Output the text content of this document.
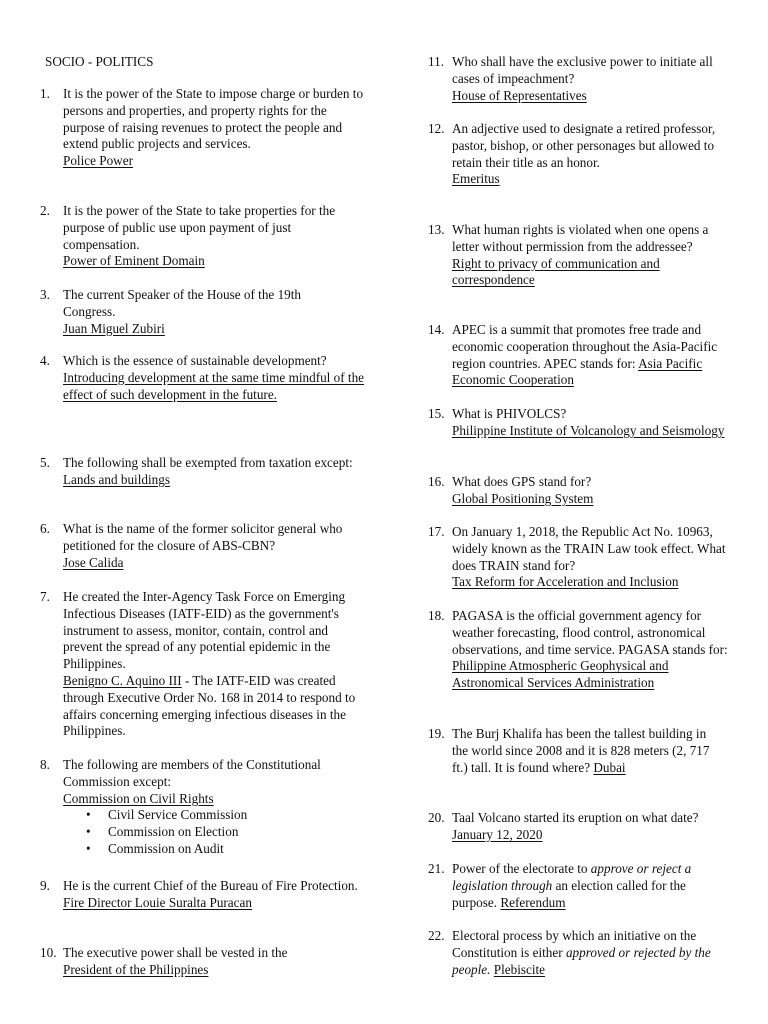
SOCIO - POLITICS
1. It is the power of the State to impose charge or burden to persons and properties, and property rights for the purpose of raising revenues to protect the people and extend public projects and services.
Police Power
2. It is the power of the State to take properties for the purpose of public use upon payment of just compensation.
Power of Eminent Domain
3. The current Speaker of the House of the 19th Congress.
Juan Miguel Zubiri
4. Which is the essence of sustainable development?
Introducing development at the same time mindful of the effect of such development in the future.
5. The following shall be exempted from taxation except:
Lands and buildings
6. What is the name of the former solicitor general who petitioned for the closure of ABS-CBN?
Jose Calida
7. He created the Inter-Agency Task Force on Emerging Infectious Diseases (IATF-EID) as the government's instrument to assess, monitor, contain, control and prevent the spread of any potential epidemic in the Philippines.
Benigno C. Aquino III - The IATF-EID was created through Executive Order No. 168 in 2014 to respond to affairs concerning emerging infectious diseases in the Philippines.
8. The following are members of the Constitutional Commission except:
Commission on Civil Rights
• Civil Service Commission
• Commission on Election
• Commission on Audit
9. He is the current Chief of the Bureau of Fire Protection.
Fire Director Louie Suralta Puracan
10. The executive power shall be vested in the
President of the Philippines
11. Who shall have the exclusive power to initiate all cases of impeachment?
House of Representatives
12. An adjective used to designate a retired professor, pastor, bishop, or other personages but allowed to retain their title as an honor.
Emeritus
13. What human rights is violated when one opens a letter without permission from the addressee?
Right to privacy of communication and correspondence
14. APEC is a summit that promotes free trade and economic cooperation throughout the Asia-Pacific region countries. APEC stands for: Asia Pacific Economic Cooperation
15. What is PHIVOLCS?
Philippine Institute of Volcanology and Seismology
16. What does GPS stand for?
Global Positioning System
17. On January 1, 2018, the Republic Act No. 10963, widely known as the TRAIN Law took effect. What does TRAIN stand for?
Tax Reform for Acceleration and Inclusion
18. PAGASA is the official government agency for weather forecasting, flood control, astronomical observations, and time service. PAGASA stands for:
Philippine Atmospheric Geophysical and Astronomical Services Administration
19. The Burj Khalifa has been the tallest building in the world since 2008 and it is 828 meters (2, 717 ft.) tall. It is found where? Dubai
20. Taal Volcano started its eruption on what date? January 12, 2020
21. Power of the electorate to approve or reject a legislation through an election called for the purpose. Referendum
22. Electoral process by which an initiative on the Constitution is either approved or rejected by the people. Plebiscite
